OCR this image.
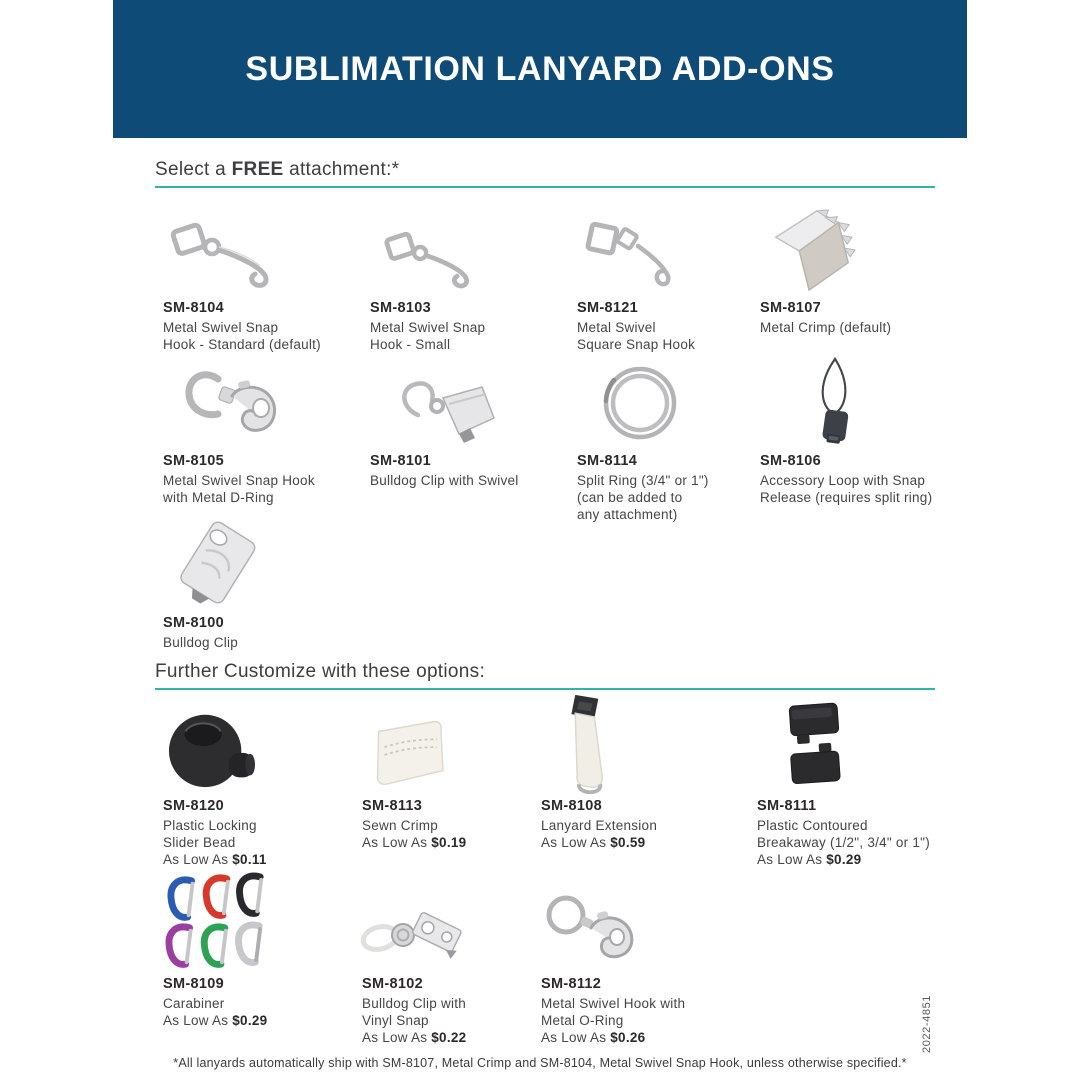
SUBLIMATION LANYARD ADD-ONS
Select a FREE attachment:*
SM-8104
Metal Swivel Snap
Hook - Standard (default)
SM-8103
Metal Swivel Snap
Hook - Small
SM-8121
Metal Swivel
Square Snap Hook
SM-8107
Metal Crimp (default)
SM-8105
Metal Swivel Snap Hook
with Metal D-Ring
SM-8101
Bulldog Clip with Swivel
SM-8114
Split Ring (3/4" or 1")
(can be added to
any attachment)
SM-8106
Accessory Loop with Snap
Release (requires split ring)
SM-8100
Bulldog Clip
Further Customize with these options:
SM-8120
Plastic Locking
Slider Bead
As Low As $0.11
SM-8113
Sewn Crimp
As Low As $0.19
SM-8108
Lanyard Extension
As Low As $0.59
SM-8111
Plastic Contoured
Breakaway (1/2", 3/4" or 1")
As Low As $0.29
SM-8109
Carabiner
As Low As $0.29
SM-8102
Bulldog Clip with
Vinyl Snap
As Low As $0.22
SM-8112
Metal Swivel Hook with
Metal O-Ring
As Low As $0.26
*All lanyards automatically ship with SM-8107, Metal Crimp and SM-8104, Metal Swivel Snap Hook, unless otherwise specified.*
2022-4851
